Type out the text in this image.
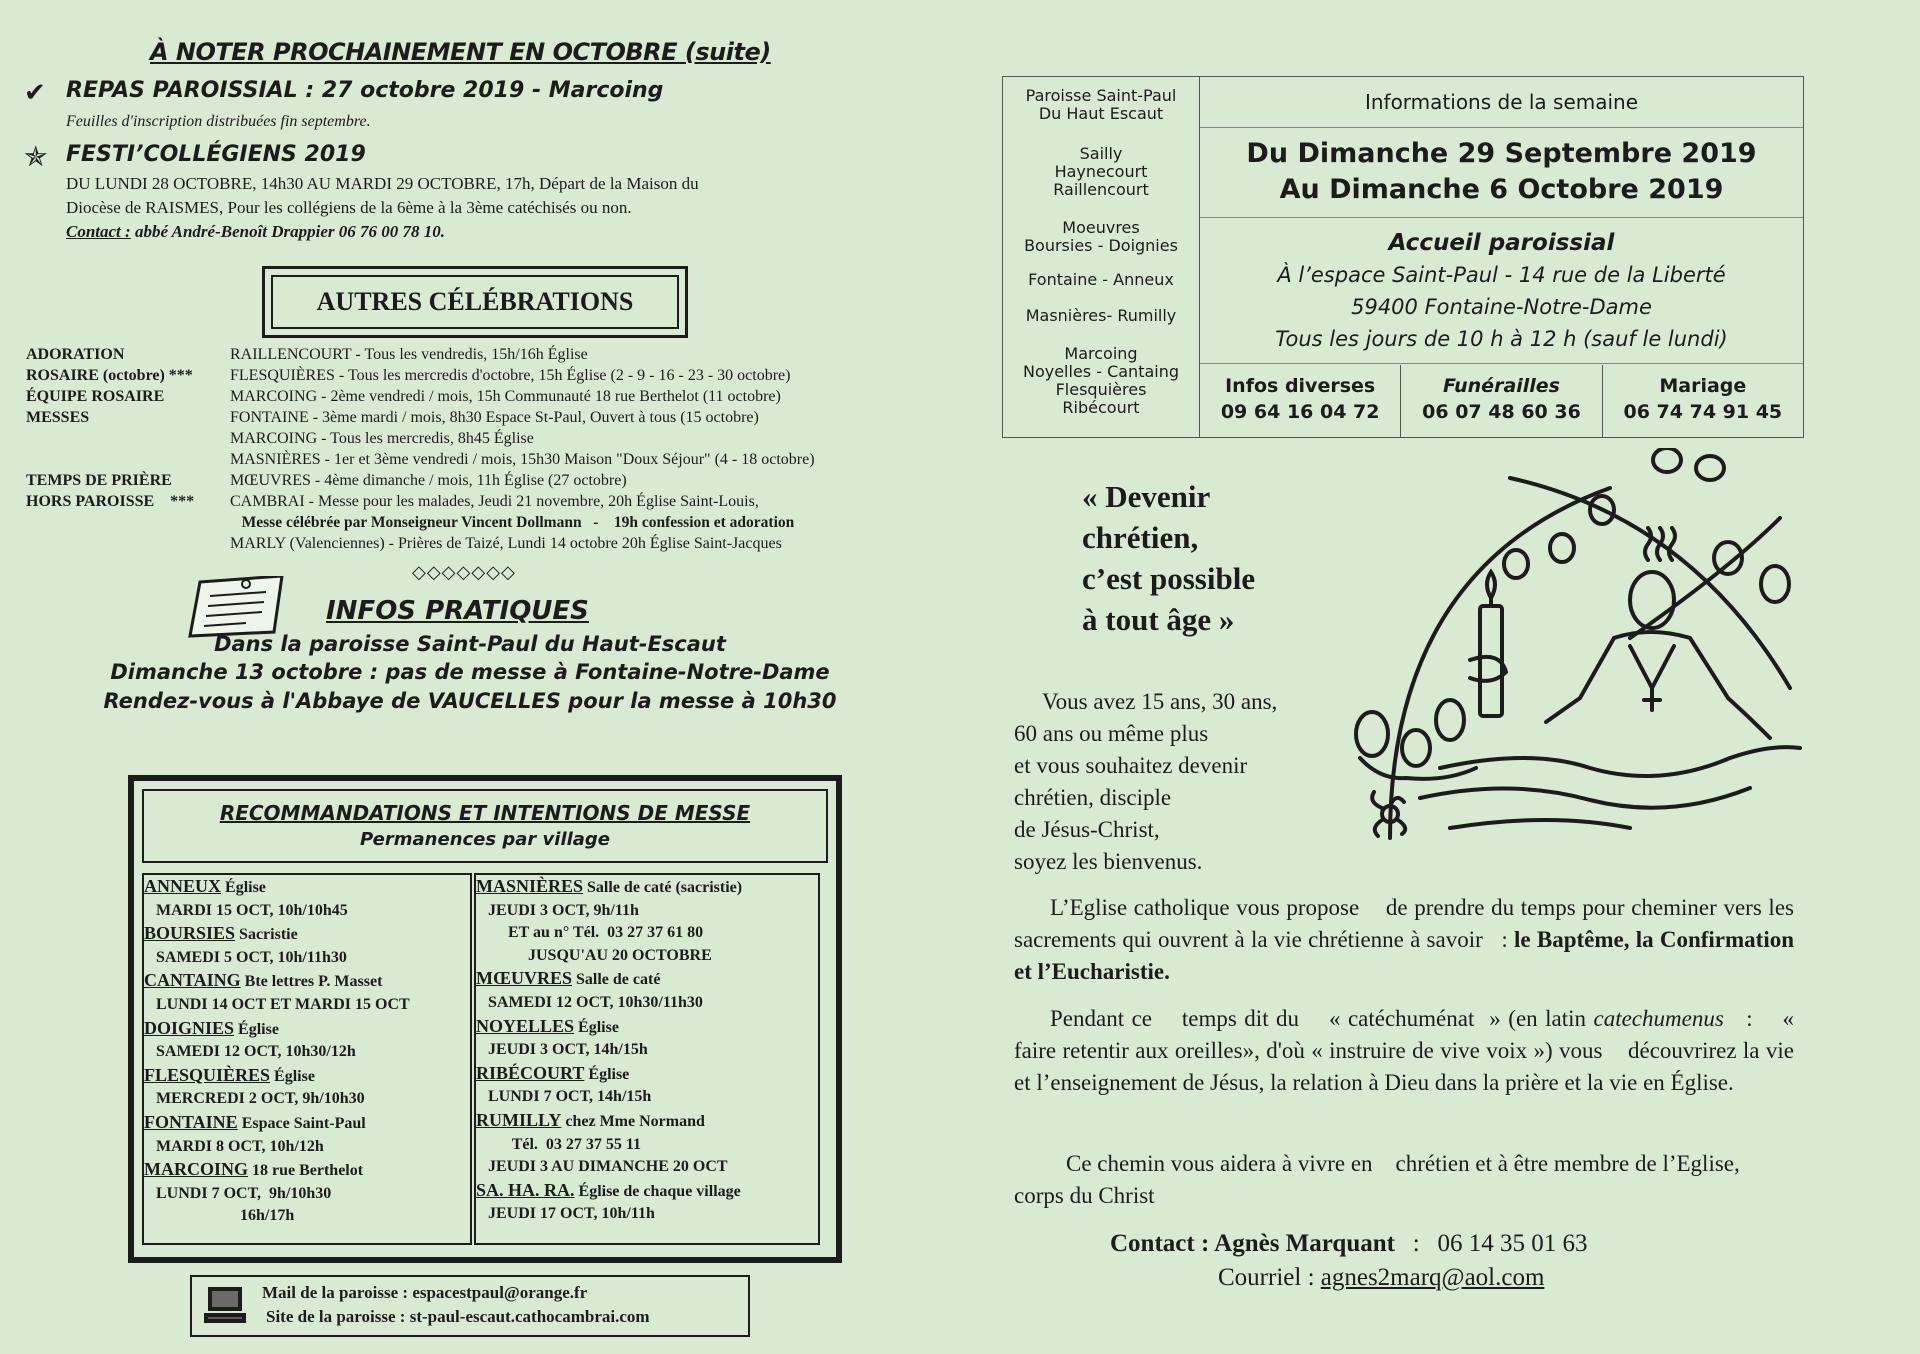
À NOTER PROCHAINEMENT EN OCTOBRE (suite)
✔ REPAS PAROISSIAL : 27 octobre 2019 - Marcoing
Feuilles d'inscription distribuées fin septembre.
✯ FESTI’COLLÉGIENS 2019
DU LUNDI 28 OCTOBRE, 14h30 AU MARDI 29 OCTOBRE, 17h, Départ de la Maison du
Diocèse de RAISMES, Pour les collégiens de la 6ème à la 3ème catéchisés ou non.
Contact : abbé André-Benoît Drappier 06 76 00 78 10.
AUTRES CÉLÉBRATIONS
ADORATION	RAILLENCOURT - Tous les vendredis, 15h/16h Église
ROSAIRE (octobre) *** FLESQUIÈRES - Tous les mercredis d'octobre, 15h Église (2 - 9 - 16 - 23 - 30 octobre)
ÉQUIPE ROSAIRE	MARCOING - 2ème vendredi / mois, 15h Communauté 18 rue Berthelot (11 octobre)
MESSES	FONTAINE - 3ème mardi / mois, 8h30 Espace St-Paul, Ouvert à tous (15 octobre)
MARCOING - Tous les mercredis, 8h45 Église
MASNIÈRES - 1er et 3ème vendredi / mois, 15h30 Maison "Doux Séjour" (4 - 18 octobre)
TEMPS DE PRIÈRE	MŒUVRES - 4ème dimanche / mois, 11h Église (27 octobre)
HORS PAROISSE    *** CAMBRAI - Messe pour les malades, Jeudi 21 novembre, 20h Église Saint-Louis,
Messe célébrée par Monseigneur Vincent Dollmann   -    19h confession et adoration
MARLY (Valenciennes) - Prières de Taizé, Lundi 14 octobre 20h Église Saint-Jacques
◇◇◇◇◇◇◇
INFOS PRATIQUES
Dans la paroisse Saint-Paul du Haut-Escaut
Dimanche 13 octobre : pas de messe à Fontaine-Notre-Dame
Rendez-vous à l'Abbaye de VAUCELLES pour la messe à 10h30
RECOMMANDATIONS ET INTENTIONS DE MESSE
Permanences par village
ANNEUX Église
MARDI 15 OCT, 10h/10h45
BOURSIES Sacristie
SAMEDI 5 OCT, 10h/11h30
CANTAING Bte lettres P. Masset
LUNDI 14 OCT ET MARDI 15 OCT
DOIGNIES Église
SAMEDI 12 OCT, 10h30/12h
FLESQUIÈRES Église
MERCREDI 2 OCT, 9h/10h30
FONTAINE Espace Saint-Paul
MARDI 8 OCT, 10h/12h
MARCOING 18 rue Berthelot
LUNDI 7 OCT,  9h/10h30
16h/17h
MASNIÈRES Salle de caté (sacristie)
JEUDI 3 OCT, 9h/11h
ET au n° Tél.  03 27 37 61 80
JUSQU'AU 20 OCTOBRE
MŒUVRES Salle de caté
SAMEDI 12 OCT, 10h30/11h30
NOYELLES Église
JEUDI 3 OCT, 14h/15h
RIBÉCOURT Église
LUNDI 7 OCT, 14h/15h
RUMILLY chez Mme Normand
Tél.  03 27 37 55 11
JEUDI 3 AU DIMANCHE 20 OCT
SA. HA. RA. Église de chaque village
JEUDI 17 OCT, 10h/11h
Mail de la paroisse : espacestpaul@orange.fr
Site de la paroisse : st-paul-escaut.cathocambrai.com
Paroisse Saint-Paul
Du Haut Escaut
Sailly
Haynecourt
Raillencourt
Moeuvres
Boursies - Doignies
Fontaine - Anneux
Masnières- Rumilly
Marcoing
Noyelles - Cantaing
Flesquières
Ribécourt
Informations de la semaine
Du Dimanche 29 Septembre 2019
Au Dimanche 6 Octobre 2019
Accueil paroissial
À l’espace Saint-Paul - 14 rue de la Liberté
59400 Fontaine-Notre-Dame
Tous les jours de 10 h à 12 h (sauf le lundi)
Infos diverses
09 64 16 04 72
Funérailles
06 07 48 60 36
Mariage
06 74 74 91 45
« Devenir
chrétien,
c’est possible
à tout âge »
Vous avez 15 ans, 30 ans,
60 ans ou même plus
et vous souhaitez devenir
chrétien, disciple
de Jésus-Christ,
soyez les bienvenus.
L’Eglise catholique vous propose    de prendre du temps pour cheminer vers les sacrements qui ouvrent à la vie chrétienne à savoir   : le Baptême, la Confirmation et l’Eucharistie.
Pendant ce    temps dit du    « catéchuménat  » (en latin catechumenus   :    « faire retentir aux oreilles», d'où « instruire de vive voix ») vous    découvrirez la vie et l’enseignement de Jésus, la relation à Dieu dans la prière et la vie en Église.
Ce chemin vous aidera à vivre en    chrétien et à être membre de l’Eglise, corps du Christ
Contact : Agnès Marquant : 06 14 35 01 63
Courriel : agnes2marq@aol.com
